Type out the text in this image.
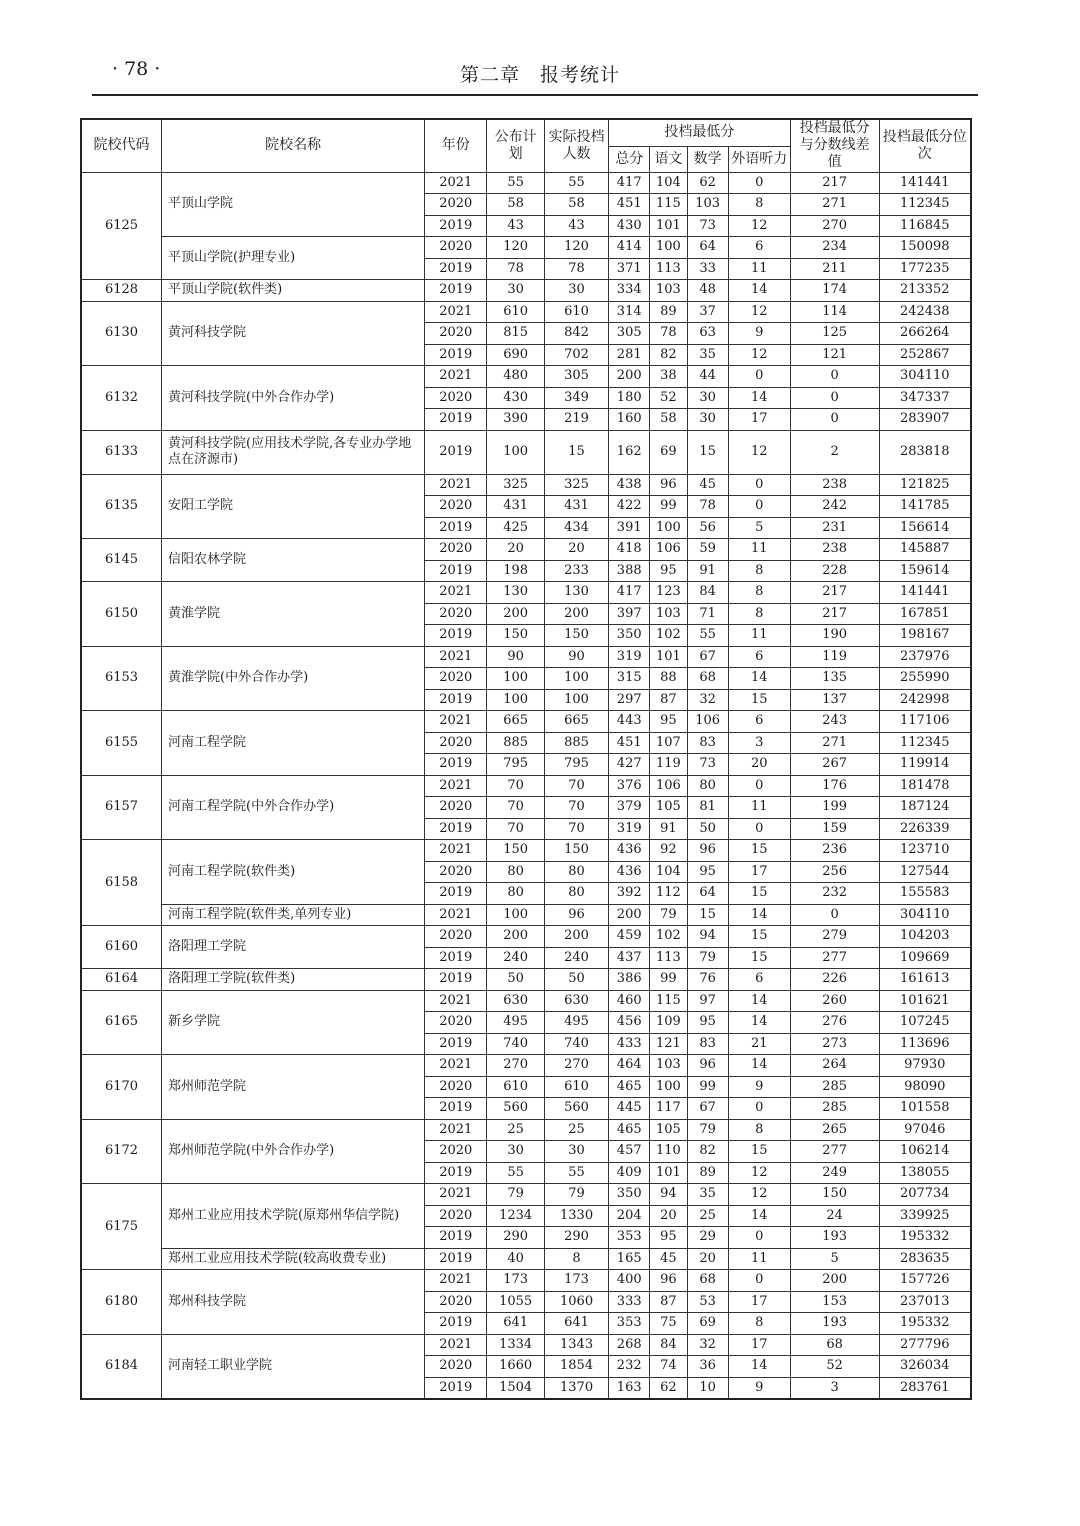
· 78 ·	第二章　报考统计
院校代码	院校名称	年份	公布计划	实际投档人数	投档最低分				投档最低分与分数线差值	投档最低分位次
					总分	语文	数学	外语听力		
6125	平顶山学院	2021	55	55	417	104	62	0	217	141441
		2020	58	58	451	115	103	8	271	112345
		2019	43	43	430	101	73	12	270	116845
	平顶山学院(护理专业)	2020	120	120	414	100	64	6	234	150098
		2019	78	78	371	113	33	11	211	177235
6128	平顶山学院(软件类)	2019	30	30	334	103	48	14	174	213352
6130	黄河科技学院	2021	610	610	314	89	37	12	114	242438
		2020	815	842	305	78	63	9	125	266264
		2019	690	702	281	82	35	12	121	252867
6132	黄河科技学院(中外合作办学)	2021	480	305	200	38	44	0	0	304110
		2020	430	349	180	52	30	14	0	347337
		2019	390	219	160	58	30	17	0	283907
6133	黄河科技学院(应用技术学院,各专业办学地点在济源市)	2019	100	15	162	69	15	12	2	283818
6135	安阳工学院	2021	325	325	438	96	45	0	238	121825
		2020	431	431	422	99	78	0	242	141785
		2019	425	434	391	100	56	5	231	156614
6145	信阳农林学院	2020	20	20	418	106	59	11	238	145887
		2019	198	233	388	95	91	8	228	159614
6150	黄淮学院	2021	130	130	417	123	84	8	217	141441
		2020	200	200	397	103	71	8	217	167851
		2019	150	150	350	102	55	11	190	198167
6153	黄淮学院(中外合作办学)	2021	90	90	319	101	67	6	119	237976
		2020	100	100	315	88	68	14	135	255990
		2019	100	100	297	87	32	15	137	242998
6155	河南工程学院	2021	665	665	443	95	106	6	243	117106
		2020	885	885	451	107	83	3	271	112345
		2019	795	795	427	119	73	20	267	119914
6157	河南工程学院(中外合作办学)	2021	70	70	376	106	80	0	176	181478
		2020	70	70	379	105	81	11	199	187124
		2019	70	70	319	91	50	0	159	226339
6158	河南工程学院(软件类)	2021	150	150	436	92	96	15	236	123710
		2020	80	80	436	104	95	17	256	127544
		2019	80	80	392	112	64	15	232	155583
	河南工程学院(软件类,单列专业)	2021	100	96	200	79	15	14	0	304110
6160	洛阳理工学院	2020	200	200	459	102	94	15	279	104203
		2019	240	240	437	113	79	15	277	109669
6164	洛阳理工学院(软件类)	2019	50	50	386	99	76	6	226	161613
6165	新乡学院	2021	630	630	460	115	97	14	260	101621
		2020	495	495	456	109	95	14	276	107245
		2019	740	740	433	121	83	21	273	113696
6170	郑州师范学院	2021	270	270	464	103	96	14	264	97930
		2020	610	610	465	100	99	9	285	98090
		2019	560	560	445	117	67	0	285	101558
6172	郑州师范学院(中外合作办学)	2021	25	25	465	105	79	8	265	97046
		2020	30	30	457	110	82	15	277	106214
		2019	55	55	409	101	89	12	249	138055
6175	郑州工业应用技术学院(原郑州华信学院)	2021	79	79	350	94	35	12	150	207734
		2020	1234	1330	204	20	25	14	24	339925
		2019	290	290	353	95	29	0	193	195332
	郑州工业应用技术学院(较高收费专业)	2019	40	8	165	45	20	11	5	283635
6180	郑州科技学院	2021	173	173	400	96	68	0	200	157726
		2020	1055	1060	333	87	53	17	153	237013
		2019	641	641	353	75	69	8	193	195332
6184	河南轻工职业学院	2021	1334	1343	268	84	32	17	68	277796
		2020	1660	1854	232	74	36	14	52	326034
		2019	1504	1370	163	62	10	9	3	283761
